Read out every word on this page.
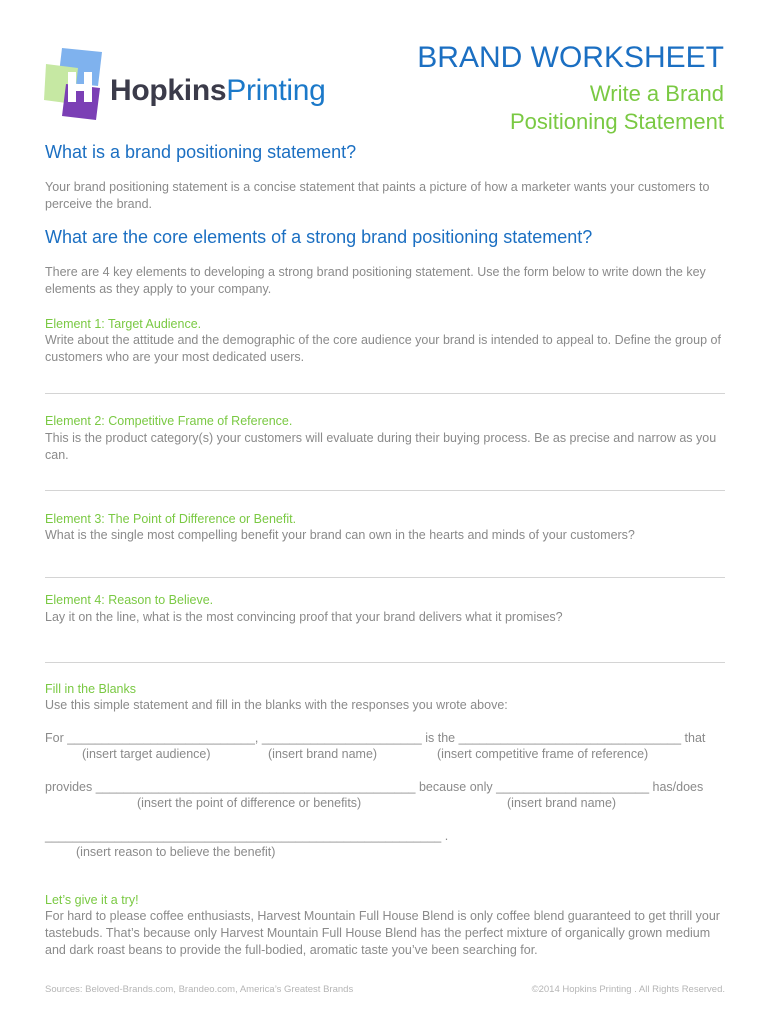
HopkinsPrinting
BRAND WORKSHEET
Write a Brand
Positioning Statement
What is a brand positioning statement?
Your brand positioning statement is a concise statement that paints a picture of how a marketer wants your customers to perceive the brand.
What are the core elements of a strong brand positioning statement?
There are 4 key elements to developing a strong brand positioning statement. Use the form below to write down the key elements as they apply to your company.
Element 1: Target Audience.
Write about the attitude and the demographic of the core audience your brand is intended to appeal to. Define the group of customers who are your most dedicated users.
Element 2: Competitive Frame of Reference.
This is the product category(s) your customers will evaluate during their buying process. Be as precise and narrow as you can.
Element 3: The Point of Difference or Benefit.
What is the single most compelling benefit your brand can own in the hearts and minds of your customers?
Element 4: Reason to Believe.
Lay it on the line, what is the most convincing proof that your brand delivers what it promises?
Fill in the Blanks
Use this simple statement and fill in the blanks with the responses you wrote above:
For ___________________________, _______________________ is the ________________________________ that
(insert target audience)	(insert brand name)	(insert competitive frame of reference)
provides ______________________________________________ because only ______________________ has/does
(insert the point of difference or benefits)	(insert brand name)
_________________________________________________________ .
(insert reason to believe the benefit)
Let’s give it a try!
For hard to please coffee enthusiasts, Harvest Mountain Full House Blend is only coffee blend guaranteed to get thrill your tastebuds. That’s because only Harvest Mountain Full House Blend has the perfect mixture of organically grown medium and dark roast beans to provide the full-bodied, aromatic taste you’ve been searching for.
Sources: Beloved-Brands.com, Brandeo.com, America’s Greatest Brands	©2014 Hopkins Printing . All Rights Reserved.
